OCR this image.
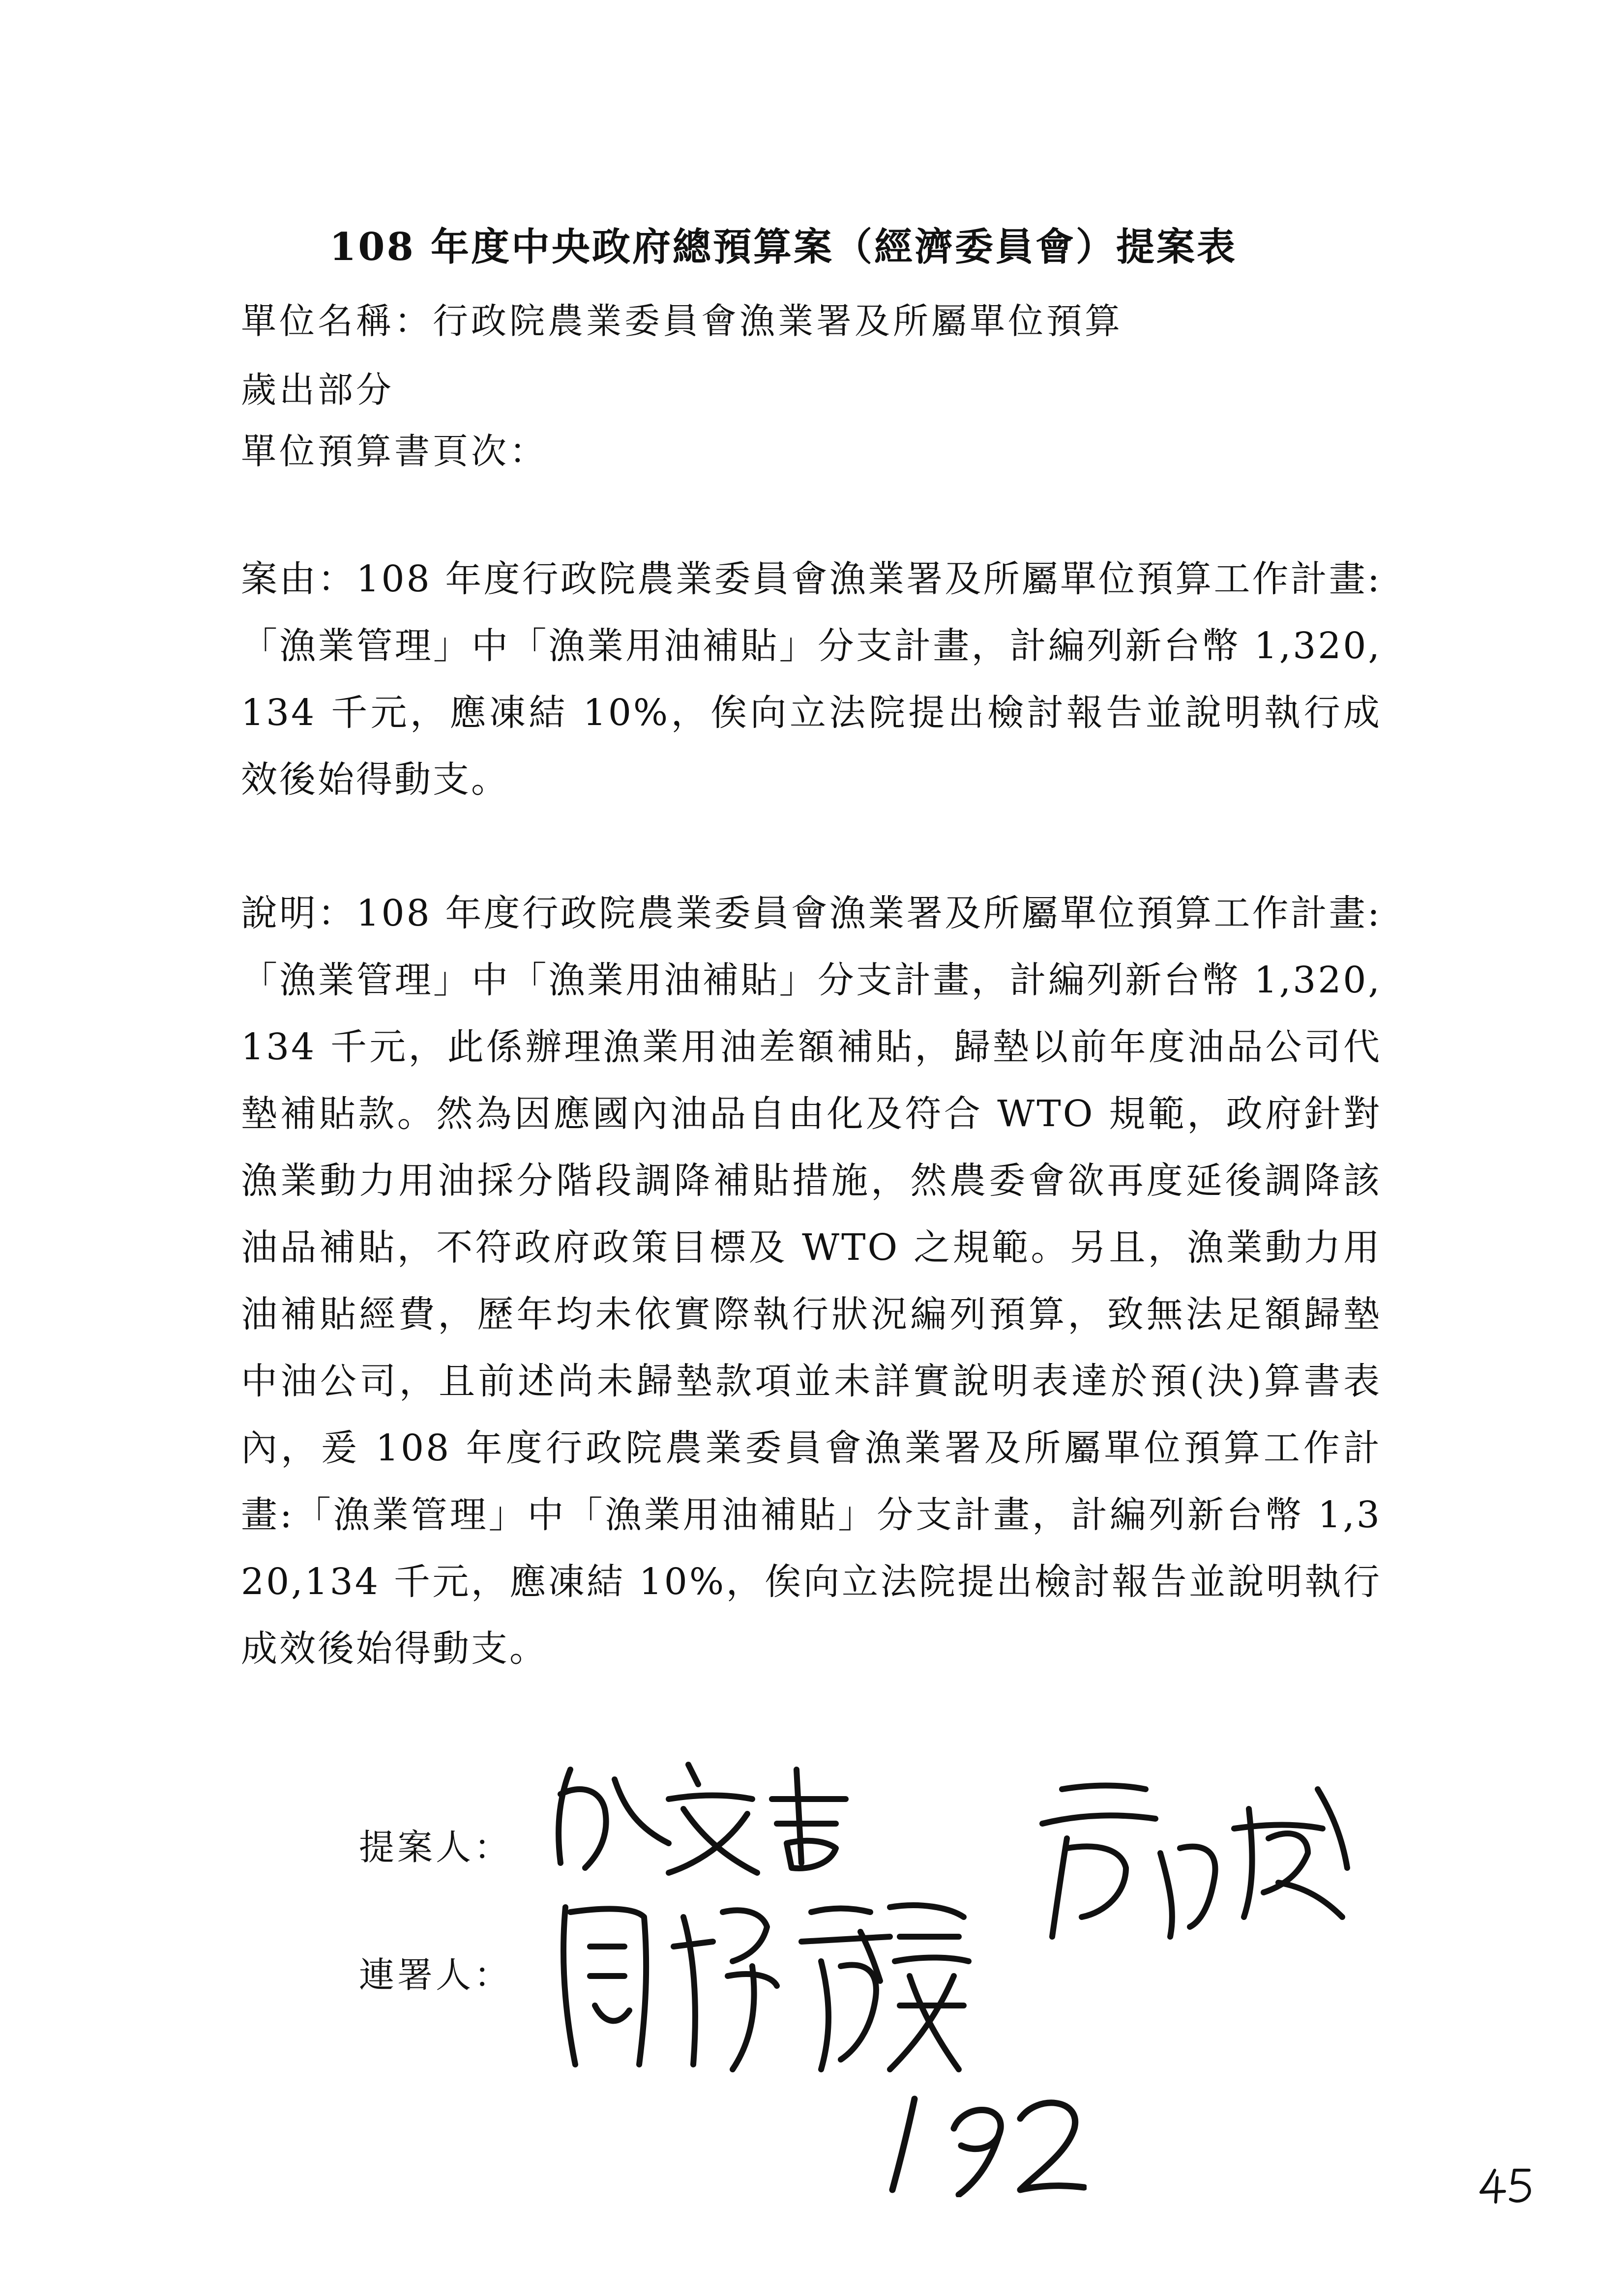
108 年度中央政府總預算案（經濟委員會）提案表
單位名稱：行政院農業委員會漁業署及所屬單位預算
歲出部分
單位預算書頁次：
案由：108 年度行政院農業委員會漁業署及所屬單位預算工作計畫:「漁業管理」中「漁業用油補貼」分支計畫，計編列新台幣 1,320,134 千元，應凍結 10%，俟向立法院提出檢討報告並說明執行成效後始得動支。
說明：108 年度行政院農業委員會漁業署及所屬單位預算工作計畫:「漁業管理」中「漁業用油補貼」分支計畫，計編列新台幣 1,320,134 千元，此係辦理漁業用油差額補貼，歸墊以前年度油品公司代墊補貼款。然為因應國內油品自由化及符合 WTO 規範，政府針對漁業動力用油採分階段調降補貼措施，然農委會欲再度延後調降該油品補貼，不符政府政策目標及 WTO 之規範。另且，漁業動力用油補貼經費，歷年均未依實際執行狀況編列預算，致無法足額歸墊中油公司，且前述尚未歸墊款項並未詳實說明表達於預(決)算書表內，爰 108 年度行政院農業委員會漁業署及所屬單位預算工作計畫:「漁業管理」中「漁業用油補貼」分支計畫，計編列新台幣 1,320,134 千元，應凍結 10%，俟向立法院提出檢討報告並說明執行成效後始得動支。
提案人：
連署人：
